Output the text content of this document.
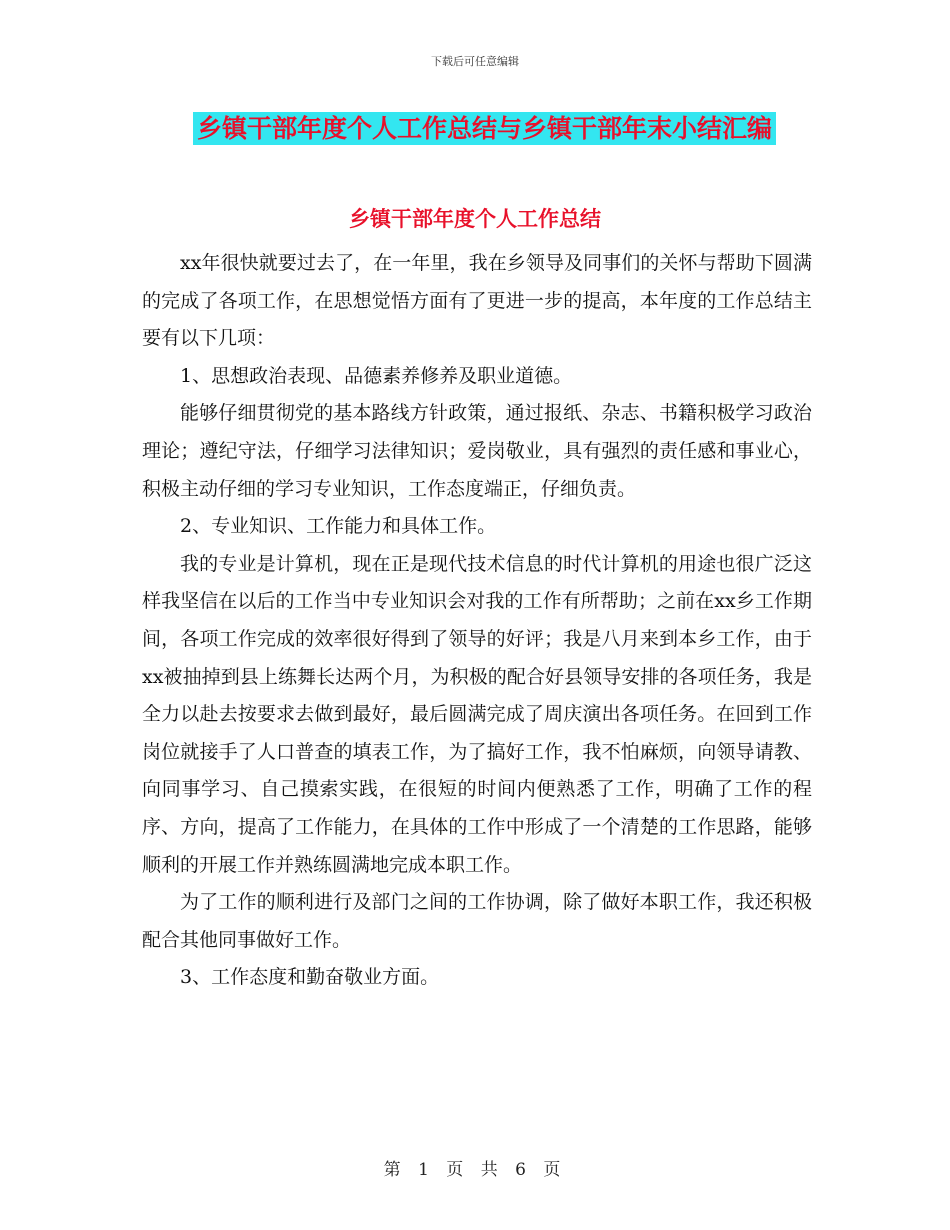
下载后可任意编辑
乡镇干部年度个人工作总结与乡镇干部年末小结汇编
乡镇干部年度个人工作总结

xx年很快就要过去了，在一年里，我在乡领导及同事们的关怀与帮助下圆满的完成了各项工作，在思想觉悟方面有了更进一步的提高，本年度的工作总结主要有以下几项：

1、思想政治表现、品德素养修养及职业道德。

能够仔细贯彻党的基本路线方针政策，通过报纸、杂志、书籍积极学习政治理论；遵纪守法，仔细学习法律知识；爱岗敬业，具有强烈的责任感和事业心，积极主动仔细的学习专业知识，工作态度端正，仔细负责。

2、专业知识、工作能力和具体工作。

我的专业是计算机，现在正是现代技术信息的时代计算机的用途也很广泛这样我坚信在以后的工作当中专业知识会对我的工作有所帮助；之前在xx乡工作期间，各项工作完成的效率很好得到了领导的好评；我是八月来到本乡工作，由于xx被抽掉到县上练舞长达两个月，为积极的配合好县领导安排的各项任务，我是全力以赴去按要求去做到最好，最后圆满完成了周庆演出各项任务。在回到工作岗位就接手了人口普查的填表工作，为了搞好工作，我不怕麻烦，向领导请教、向同事学习、自己摸索实践，在很短的时间内便熟悉了工作，明确了工作的程序、方向，提高了工作能力，在具体的工作中形成了一个清楚的工作思路，能够顺利的开展工作并熟练圆满地完成本职工作。

为了工作的顺利进行及部门之间的工作协调，除了做好本职工作，我还积极配合其他同事做好工作。

3、工作态度和勤奋敬业方面。

第 1 页 共 6 页
